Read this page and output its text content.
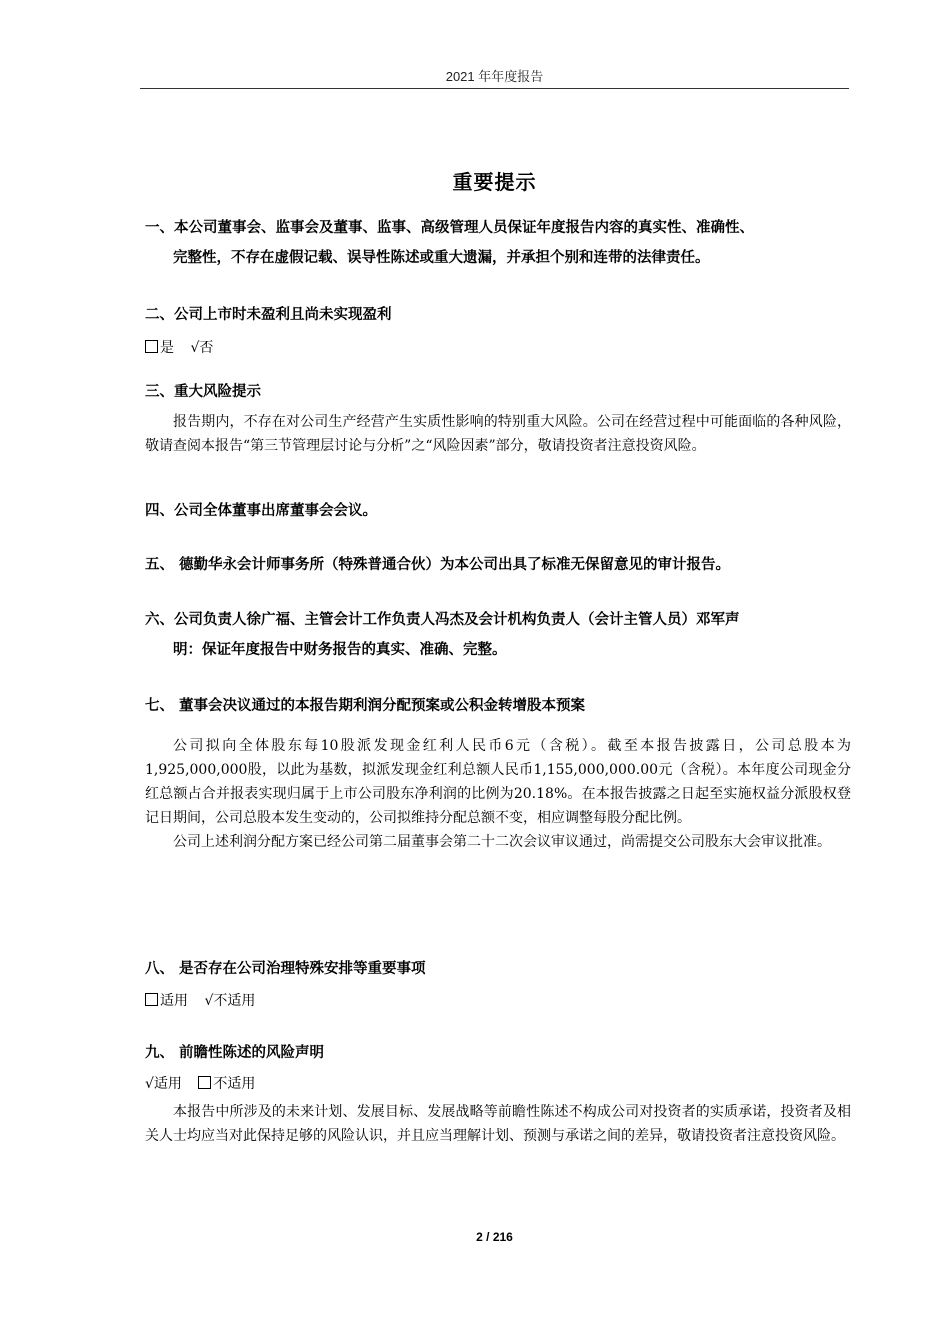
2021 年年度报告
重要提示
一、本公司董事会、监事会及董事、监事、高级管理人员保证年度报告内容的真实性、准确性、
完整性，不存在虚假记载、误导性陈述或重大遗漏，并承担个别和连带的法律责任。
二、公司上市时未盈利且尚未实现盈利
是 √否
三、重大风险提示

报告期内，不存在对公司生产经营产生实质性影响的特别重大风险。公司在经营过程中可能面临的各种风险，敬请查阅本报告“第三节管理层讨论与分析”之“风险因素”部分，敬请投资者注意投资风险。

四、公司全体董事出席董事会会议。
五、 德勤华永会计师事务所（特殊普通合伙）为本公司出具了标准无保留意见的审计报告。
六、公司负责人徐广福、主管会计工作负责人冯杰及会计机构负责人（会计主管人员）邓军声
明：保证年度报告中财务报告的真实、准确、完整。
七、 董事会决议通过的本报告期利润分配预案或公积金转增股本预案

公司拟向全体股东每10股派发现金红利人民币6元（含税）。截至本报告披露日，公司总股本为1,925,000,000股，以此为基数，拟派发现金红利总额人民币1,155,000,000.00元（含税）。本年度公司现金分红总额占合并报表实现归属于上市公司股东净利润的比例为20.18%。在本报告披露之日起至实施权益分派股权登记日期间，公司总股本发生变动的，公司拟维持分配总额不变，相应调整每股分配比例。

公司上述利润分配方案已经公司第二届董事会第二十二次会议审议通过，尚需提交公司股东大会审议批准。

八、 是否存在公司治理特殊安排等重要事项
适用 √不适用
九、 前瞻性陈述的风险声明
√适用 不适用

本报告中所涉及的未来计划、发展目标、发展战略等前瞻性陈述不构成公司对投资者的实质承诺，投资者及相关人士均应当对此保持足够的风险认识，并且应当理解计划、预测与承诺之间的差异，敬请投资者注意投资风险。

2 / 216
